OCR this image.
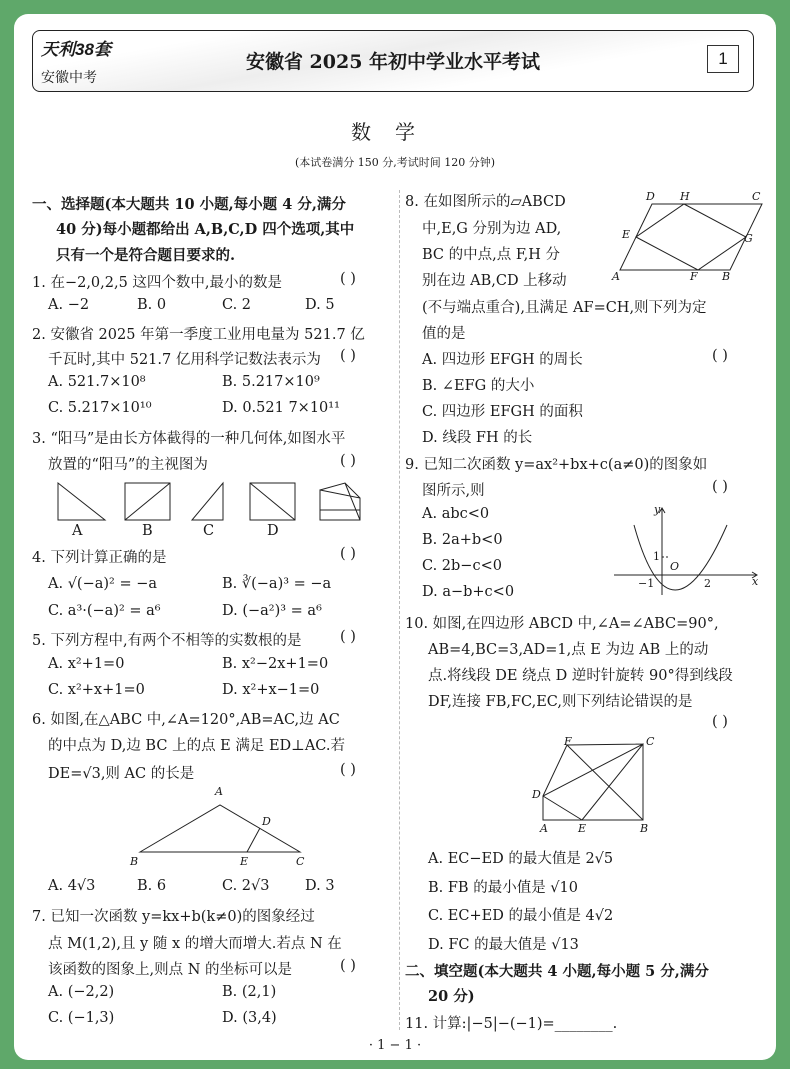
天利38套
安徽中考
安徽省 2025 年初中学业水平考试	1
数学
(本试卷满分 150 分,考试时间 120 分钟)
一、选择题(本大题共 10 小题,每小题 4 分,满分
40 分)每小题都给出 A,B,C,D 四个选项,其中
只有一个是符合题目要求的.
1. 在−2,0,2,5 这四个数中,最小的数是	( )
A. −2	B. 0	C. 2	D. 5
2. 安徽省 2025 年第一季度工业用电量为 521.7 亿
千瓦时,其中 521.7 亿用科学记数法表示为 ( )
A. 521.7×10⁸	B. 5.217×10⁹
C. 5.217×10¹⁰	D. 0.521 7×10¹¹
3. “阳马”是由长方体截得的一种几何体,如图水平
放置的“阳马”的主视图为	( )
A	B	C	D
4. 下列计算正确的是	( )
A. √(−a)² = −a	B. ∛(−a)³ = −a
C. a³·(−a)² = a⁶	D. (−a²)³ = a⁶
5. 下列方程中,有两个不相等的实数根的是	( )
A. x²+1=0	B. x²−2x+1=0
C. x²+x+1=0	D. x²+x−1=0
6. 如图,在△ABC 中,∠A=120°,AB=AC,边 AC
的中点为 D,边 BC 上的点 E 满足 ED⊥AC.若
DE=√3,则 AC 的长是	( )
A
B	C
D
E
A. 4√3	B. 6	C. 2√3 D. 3
7. 已知一次函数 y=kx+b(k≠0)的图象经过
点 M(1,2),且 y 随 x 的增大而增大.若点 N 在
该函数的图象上,则点 N 的坐标可以是	( )
A. (−2,2)	B. (2,1)
C. (−1,3)	D. (3,4)
8. 在如图所示的▱ABCD
中,E,G 分别为边 AD,
BC 的中点,点 F,H 分
别在边 AB,CD 上移动
(不与端点重合),且满足 AF=CH,则下列为定
值的是
( )
D H	C
E	G
A	F B
A. 四边形 EFGH 的周长
B. ∠EFG 的大小
C. 四边形 EFGH 的面积
D. 线段 FH 的长
9. 已知二次函数 y=ax²+bx+c(a≠0)的图象如
图所示,则	( )
y
1
−1
O
2	x
A. abc<0
B. 2a+b<0
C. 2b−c<0
D. a−b+c<0
10. 如图,在四边形 ABCD 中,∠A=∠ABC=90°,
AB=4,BC=3,AD=1,点 E 为边 AB 上的动
点.将线段 DE 绕点 D 逆时针旋转 90°得到线段
DF,连接 FB,FC,EC,则下列结论错误的是
( )
F	C
D
A	E	B
A. EC−ED 的最大值是 2√5
B. FB 的最小值是 √10
C. EC+ED 的最小值是 4√2
D. FC 的最大值是 √13
二、填空题(本大题共 4 小题,每小题 5 分,满分
20 分)
11. 计算:|−5|−(−1)=________.
· 1 − 1 ·
